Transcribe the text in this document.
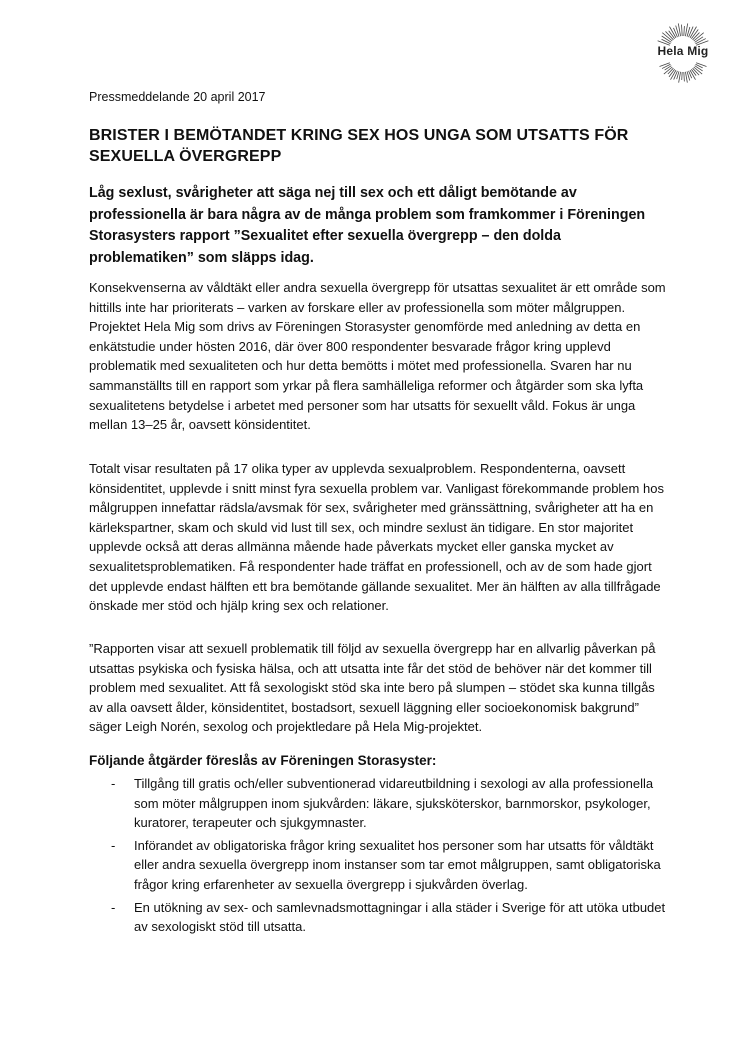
Hela Mig
Pressmeddelande 20 april 2017
BRISTER I BEMÖTANDET KRING SEX HOS UNGA SOM UTSATTS FÖR SEXUELLA ÖVERGREPP

Låg sexlust, svårigheter att säga nej till sex och ett dåligt bemötande av professionella är bara några av de många problem som framkommer i Föreningen Storasysters rapport ”Sexualitet efter sexuella övergrepp – den dolda problematiken” som släpps idag.

Konsekvenserna av våldtäkt eller andra sexuella övergrepp för utsattas sexualitet är ett område som hittills inte har prioriterats – varken av forskare eller av professionella som möter målgruppen. Projektet Hela Mig som drivs av Föreningen Storasyster genomförde med anledning av detta en enkätstudie under hösten 2016, där över 800 respondenter besvarade frågor kring upplevd problematik med sexualiteten och hur detta bemötts i mötet med professionella. Svaren har nu sammanställts till en rapport som yrkar på flera samhälleliga reformer och åtgärder som ska lyfta sexualitetens betydelse i arbetet med personer som har utsatts för sexuellt våld. Fokus är unga mellan 13–25 år, oavsett könsidentitet.

Totalt visar resultaten på 17 olika typer av upplevda sexualproblem. Respondenterna, oavsett könsidentitet, upplevde i snitt minst fyra sexuella problem var. Vanligast förekommande problem hos målgruppen innefattar rädsla/avsmak för sex, svårigheter med gränssättning, svårigheter att ha en kärlekspartner, skam och skuld vid lust till sex, och mindre sexlust än tidigare. En stor majoritet upplevde också att deras allmänna mående hade påverkats mycket eller ganska mycket av sexualitetsproblematiken. Få respondenter hade träffat en professionell, och av de som hade gjort det upplevde endast hälften ett bra bemötande gällande sexualitet. Mer än hälften av alla tillfrågade önskade mer stöd och hjälp kring sex och relationer.

”Rapporten visar att sexuell problematik till följd av sexuella övergrepp har en allvarlig påverkan på utsattas psykiska och fysiska hälsa, och att utsatta inte får det stöd de behöver när det kommer till problem med sexualitet. Att få sexologiskt stöd ska inte bero på slumpen – stödet ska kunna tillgås av alla oavsett ålder, könsidentitet, bostadsort, sexuell läggning eller socioekonomisk bakgrund” säger Leigh Norén, sexolog och projektledare på Hela Mig-projektet.

Följande åtgärder föreslås av Föreningen Storasyster:
- Tillgång till gratis och/eller subventionerad vidareutbildning i sexologi av alla professionella som möter målgruppen inom sjukvården: läkare, sjuksköterskor, barnmorskor, psykologer, kuratorer, terapeuter och sjukgymnaster.
- Införandet av obligatoriska frågor kring sexualitet hos personer som har utsatts för våldtäkt eller andra sexuella övergrepp inom instanser som tar emot målgruppen, samt obligatoriska frågor kring erfarenheter av sexuella övergrepp i sjukvården överlag.
- En utökning av sex- och samlevnadsmottagningar i alla städer i Sverige för att utöka utbudet av sexologiskt stöd till utsatta.
